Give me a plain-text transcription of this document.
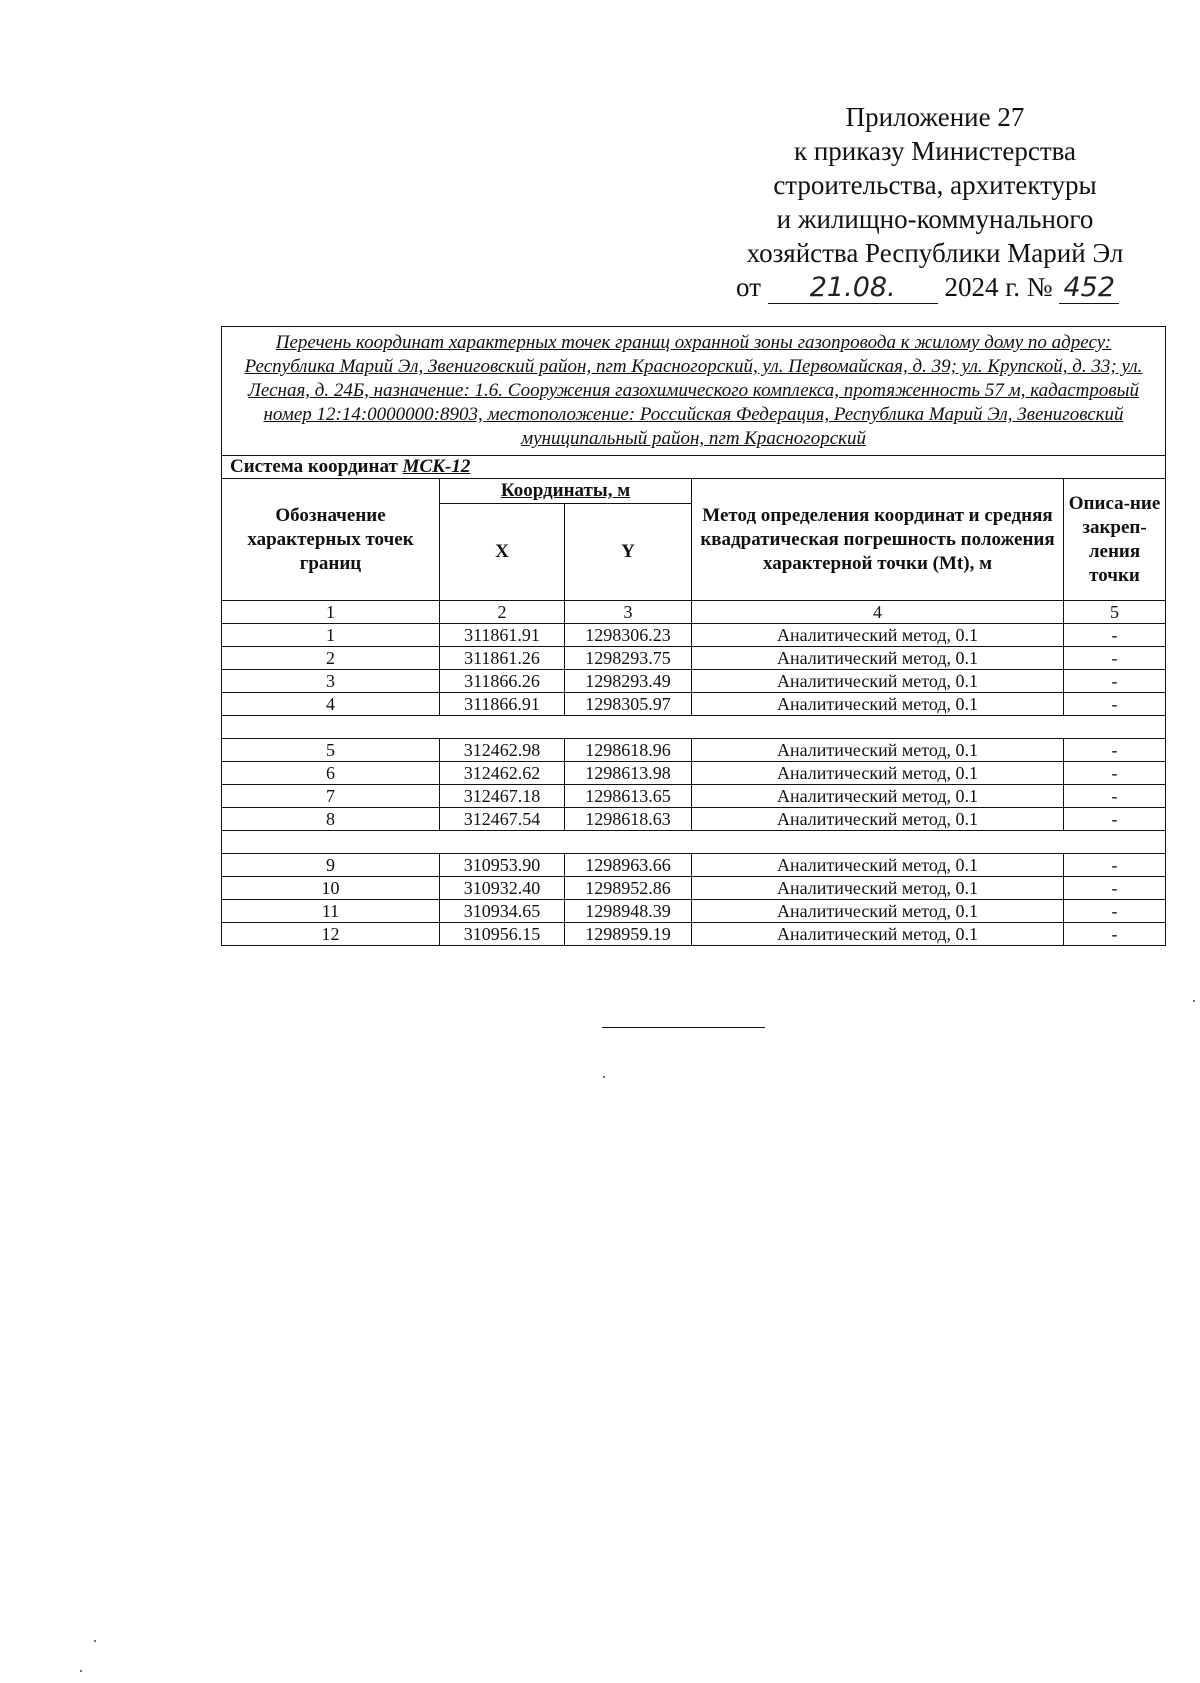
Приложение 27
к приказу Министерства
строительства, архитектуры
и жилищно-коммунального
хозяйства Республики Марий Эл
от 21.08. 2024 г. № 452
Перечень координат характерных точек границ охранной зоны газопровода к жилому дому по адресу: Республика Марий Эл, Звениговский район, пгт Красногорский, ул. Первомайская, д. 39; ул. Крупской, д. 33; ул. Лесная, д. 24Б, назначение: 1.6. Сооружения газохимического комплекса, протяженность 57 м, кадастровый номер 12:14:0000000:8903, местоположение: Российская Федерация, Республика Марий Эл, Звениговский муниципальный район, пгт Красногорский				
Система координат МСК-12				
Обозначение характерных точек границ	Координаты, м		Метод определения координат и средняя квадратическая погрешность положения характерной точки (Mt), м	Описа-ние закреп-ления точки
	X	Y		
1	2	3	4	5
1	311861.91	1298306.23	Аналитический метод, 0.1	-
2	311861.26	1298293.75	Аналитический метод, 0.1	-
3	311866.26	1298293.49	Аналитический метод, 0.1	-
4	311866.91	1298305.97	Аналитический метод, 0.1	-

5	312462.98	1298618.96	Аналитический метод, 0.1	-
6	312462.62	1298613.98	Аналитический метод, 0.1	-
7	312467.18	1298613.65	Аналитический метод, 0.1	-
8	312467.54	1298618.63	Аналитический метод, 0.1	-

9	310953.90	1298963.66	Аналитический метод, 0.1	-
10	310932.40	1298952.86	Аналитический метод, 0.1	-
11	310934.65	1298948.39	Аналитический метод, 0.1	-
12	310956.15	1298959.19	Аналитический метод, 0.1	-
